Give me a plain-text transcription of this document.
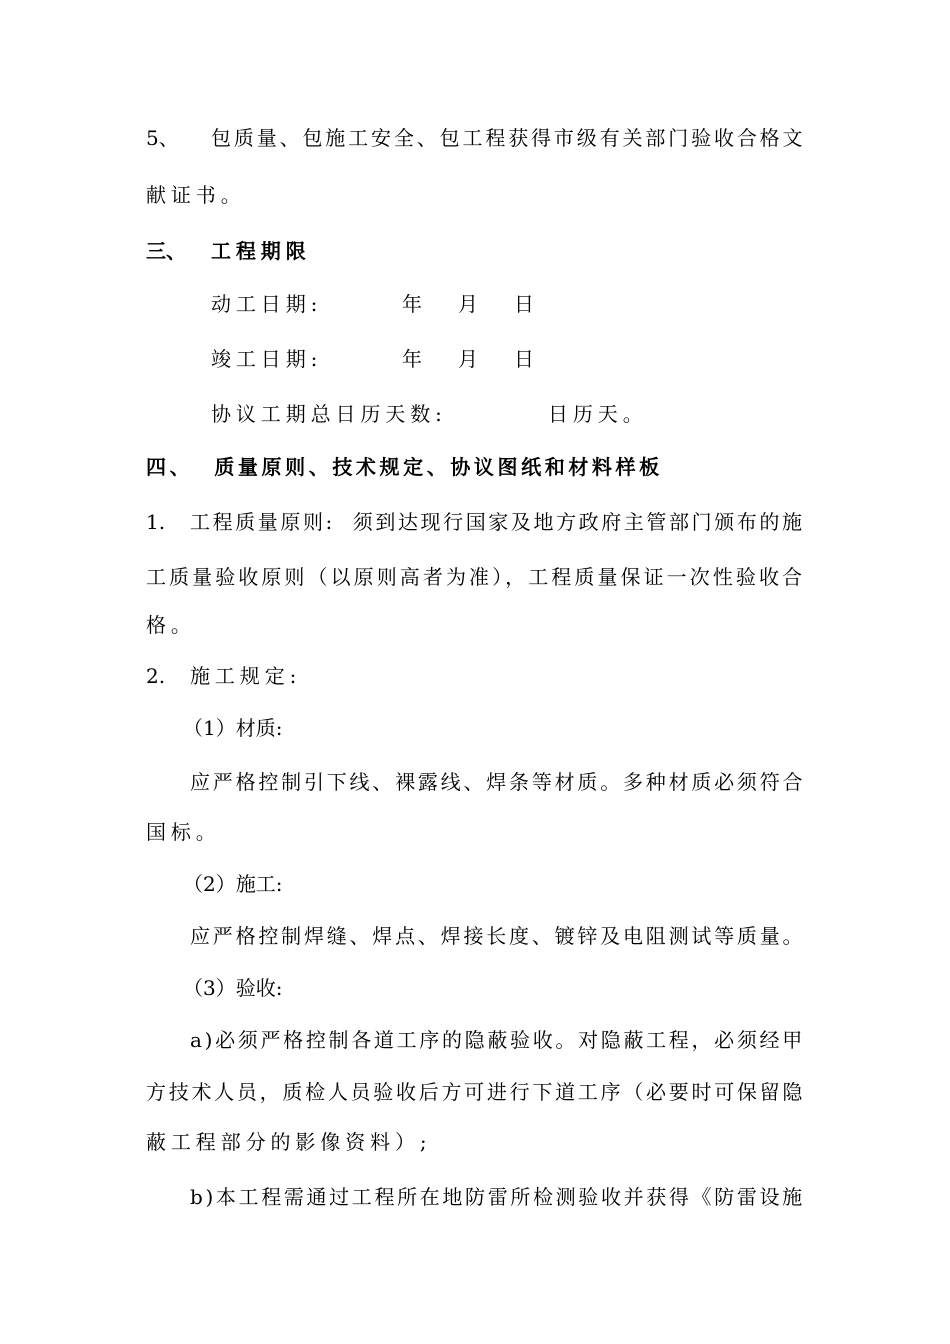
5、 包质量、包施工安全、包工程获得市级有关部门验收合格文
献证书。
三、 工程期限
动工日期:	年 月 日
竣工日期:	年 月 日
协议工期总日历天数:	日历天。
四、  质量原则、技术规定、协议图纸和材料样板
1. 工程质量原则:  须到达现行国家及地方政府主管部门颁布的施
工质量验收原则（以原则高者为准），工程质量保证一次性验收合
格。
2. 施工规定:
（1）材质:
应严格控制引下线、裸露线、焊条等材质。多种材质必须符合
国标。
（2）施工:
应严格控制焊缝、焊点、焊接长度、镀锌及电阻测试等质量。
（3）验收:
a)必须严格控制各道工序的隐蔽验收。对隐蔽工程，必须经甲
方技术人员，质检人员验收后方可进行下道工序（必要时可保留隐
蔽工程部分的影像资料）;
b)本工程需通过工程所在地防雷所检测验收并获得《防雷设施
